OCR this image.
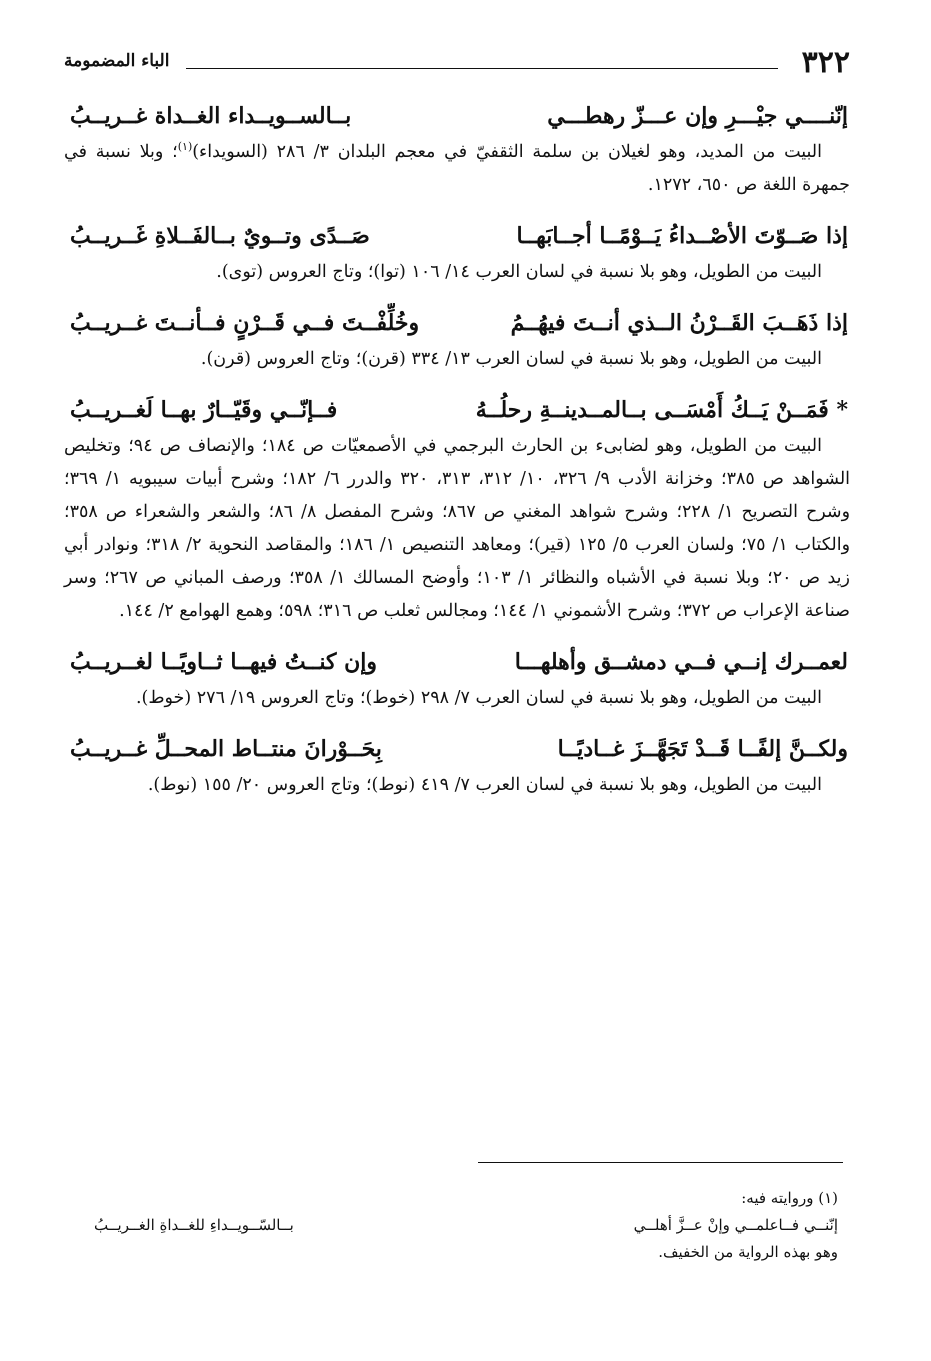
٣٢٢
الباء المضمومة
إنّنــــي جيْـــرِ وإن عـــزّ رهطـــي
بــالســويــداء الغــداة غــريــبُ

البيت من المديد، وهو لغيلان بن سلمة الثقفيّ في معجم البلدان ٣/ ٢٨٦ (السويداء)$^{(١)}$؛ وبلا نسبة في جمهرة اللغة ص ٦٥٠، ١٢٧٢.

إذا صَــوّتَ الأصْــداءُ يَــوْمًــا أجــابَهــا
صَــدًى وتــويٌ بــالفَــلاةِ غَــريــبُ

البيت من الطويل، وهو بلا نسبة في لسان العرب ١٤/ ١٠٦ (توا)؛ وتاج العروس (توى).

إذا ذَهَــبَ القَــرْنُ الــذي أنــتَ فيهُــمُ
وخُلِّفْــتَ فــي قَــرْنٍ فــأنــتَ غــريــبُ

البيت من الطويل، وهو بلا نسبة في لسان العرب ١٣/ ٣٣٤ (قرن)؛ وتاج العروس (قرن).

* فَمَــنْ يَــكُ أَمْسَــى بــالمــدينــةِ رحلُــهُ
فــإنّــي وقَيّــارٌ بهــا لَغــريــبُ

البيت من الطويل، وهو لضابىء بن الحارث البرجمي في الأصمعيّات ص ١٨٤؛ والإنصاف ص ٩٤؛ وتخليص الشواهد ص ٣٨٥؛ وخزانة الأدب ٩/ ٣٢٦، ١٠/ ٣١٢، ٣١٣، ٣٢٠ والدرر ٦/ ١٨٢؛ وشرح أبيات سيبويه ١/ ٣٦٩؛ وشرح التصريح ١/ ٢٢٨؛ وشرح شواهد المغني ص ٨٦٧؛ وشرح المفصل ٨/ ٨٦؛ والشعر والشعراء ص ٣٥٨؛ والكتاب ١/ ٧٥؛ ولسان العرب ٥/ ١٢٥ (قير)؛ ومعاهد التنصيص ١/ ١٨٦؛ والمقاصد النحوية ٢/ ٣١٨؛ ونوادر أبي زيد ص ٢٠؛ وبلا نسبة في الأشباه والنظائر ١/ ١٠٣؛ وأوضح المسالك ١/ ٣٥٨؛ ورصف المباني ص ٢٦٧؛ وسر صناعة الإعراب ص ٣٧٢؛ وشرح الأشموني ١/ ١٤٤؛ ومجالس ثعلب ص ٣١٦؛ ٥٩٨؛ وهمع الهوامع ٢/ ١٤٤.

لعمــرك إنــي فــي دمشــق وأهلهـــا
وإن كنــتُ فيهــا ثــاويًــا لغــريــبُ

البيت من الطويل، وهو بلا نسبة في لسان العرب ٧/ ٢٩٨ (خوط)؛ وتاج العروس ١٩/ ٢٧٦ (خوط).

ولكــنَّ إلفًــا قَــدْ تَجَهَّــزَ غــاديًــا
بِحَــوْرانَ منتــاط المحــلِّ غــريــبُ

البيت من الطويل، وهو بلا نسبة في لسان العرب ٧/ ٤١٩ (نوط)؛ وتاج العروس ٢٠/ ١٥٥ (نوط).

(١) وروايته فيه:
إنّنــي فــاعلمــي وإنْ عــزَّ أهلــي
بــالسّــويــداءِ للغــداةِ الغــريــبُ
وهو بهذه الرواية من الخفيف.
